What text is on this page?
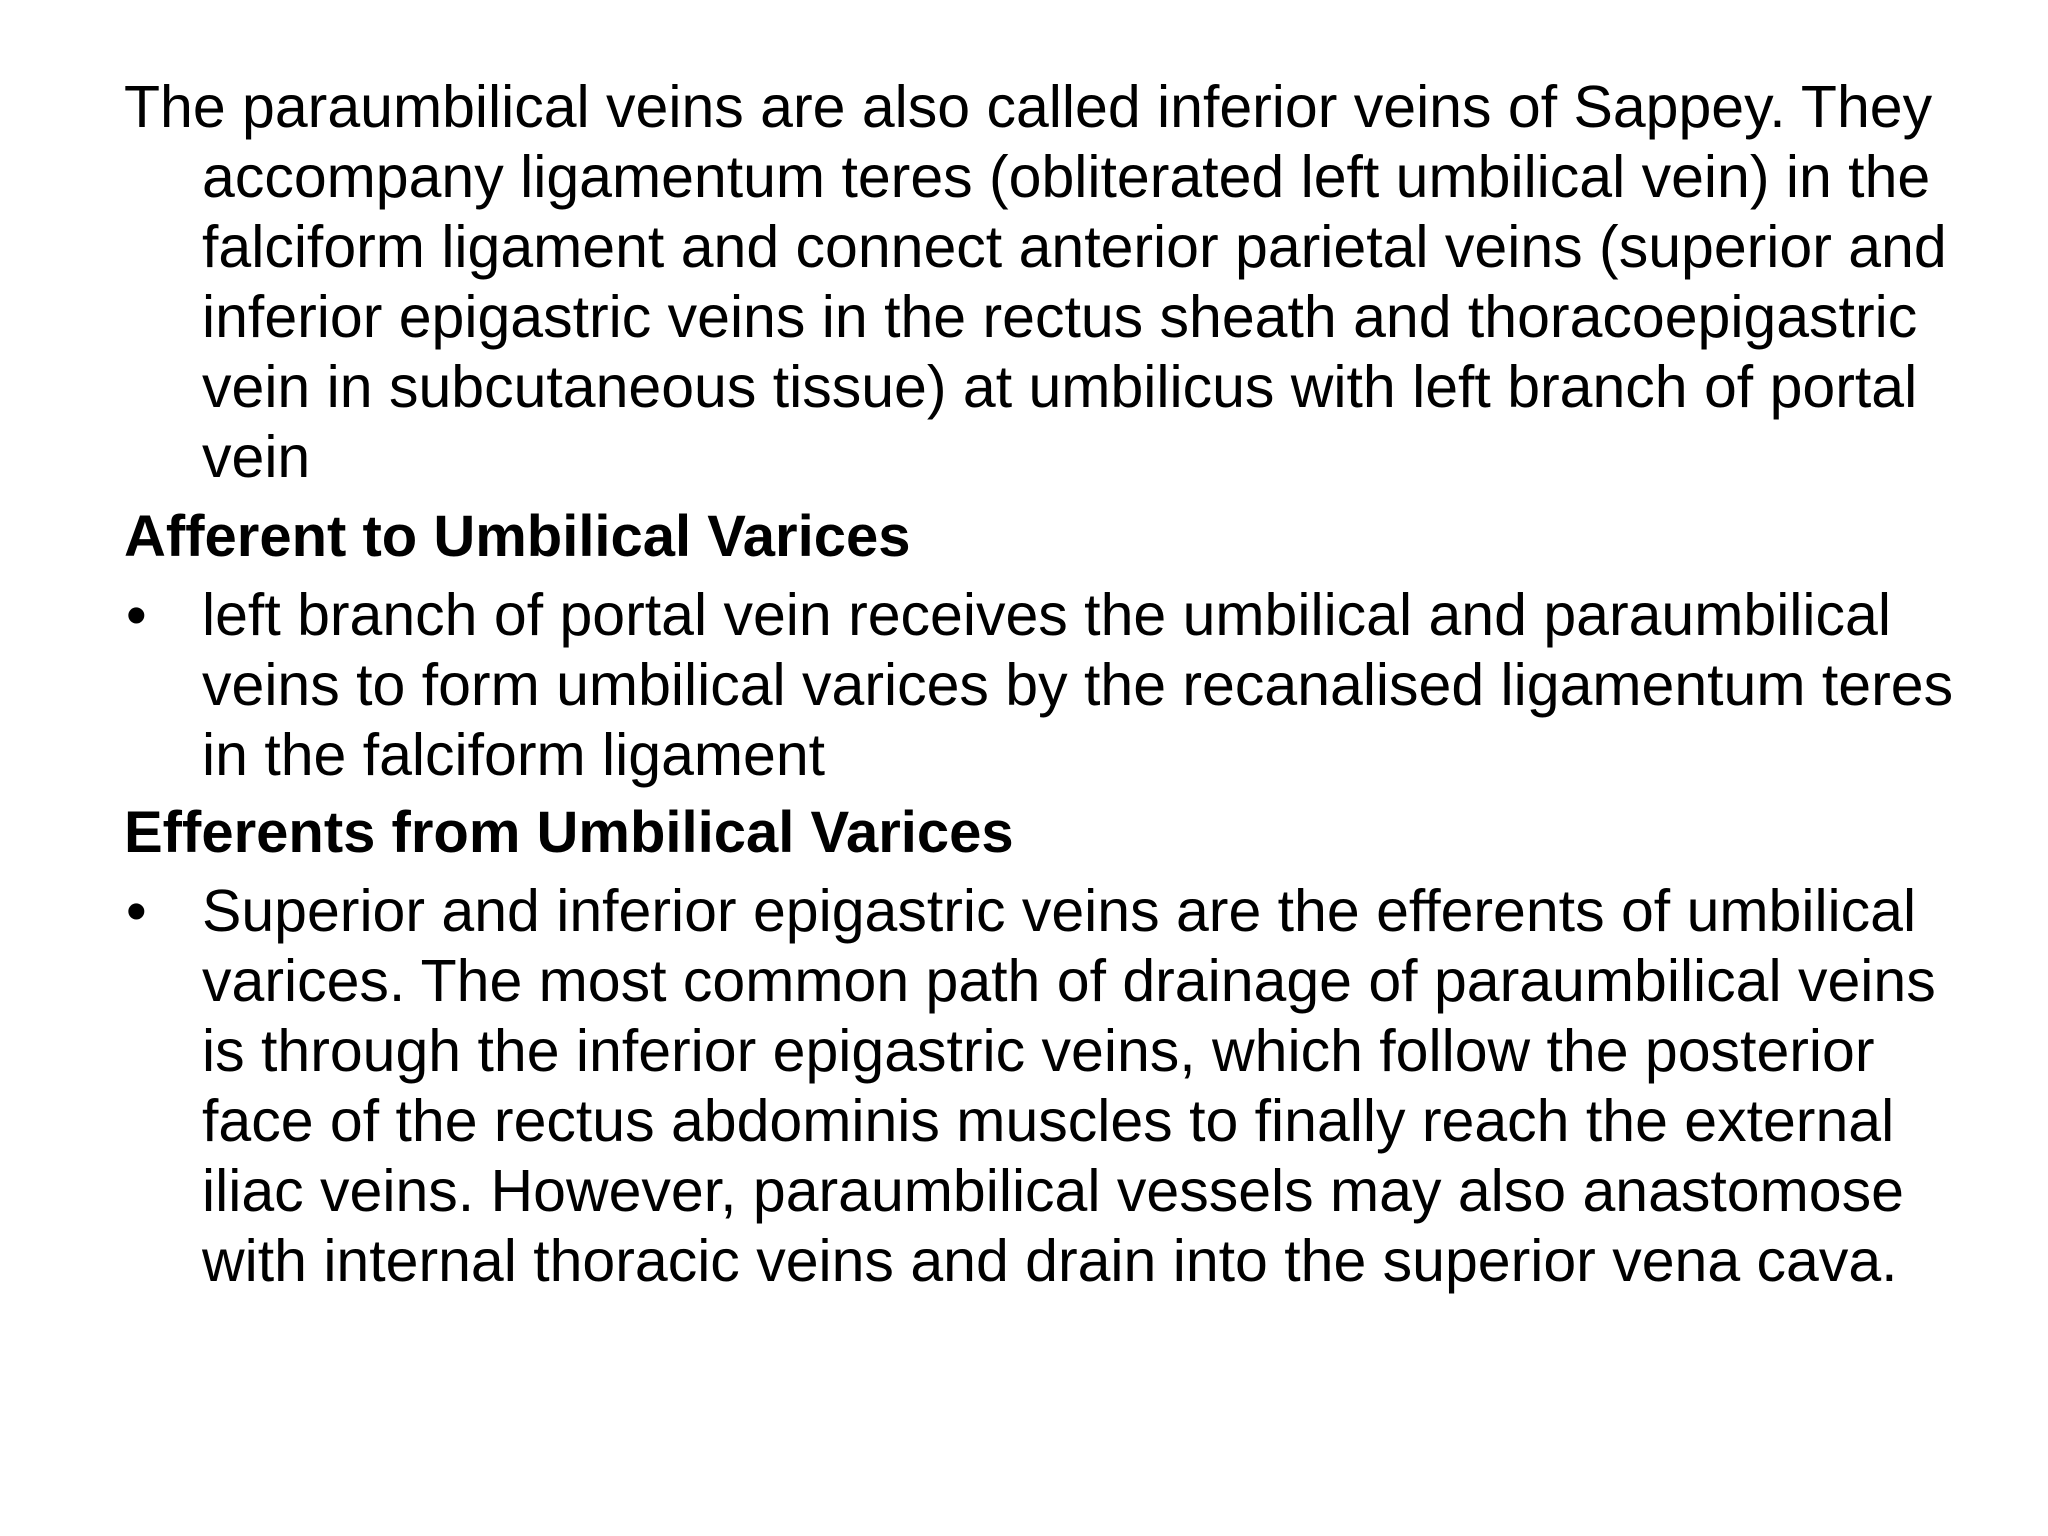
The paraumbilical veins are also called inferior veins of Sappey. They accompany ligamentum teres (obliterated left umbilical vein) in the falciform ligament and connect anterior parietal veins (superior and inferior epigastric veins in the rectus sheath and thoracoepigastric vein in subcutaneous tissue) at umbilicus with left branch of portal vein

Afferent to Umbilical Varices
• left branch of portal vein receives the umbilical and paraumbilical veins to form umbilical varices by the recanalised ligamentum teres in the falciform ligament
Efferents from Umbilical Varices
• Superior and inferior epigastric veins are the efferents of umbilical varices. The most common path of drainage of paraumbilical veins is through the inferior epigastric veins, which follow the posterior face of the rectus abdominis muscles to finally reach the external iliac veins. However, paraumbilical vessels may also anastomose with internal thoracic veins and drain into the superior vena cava.
